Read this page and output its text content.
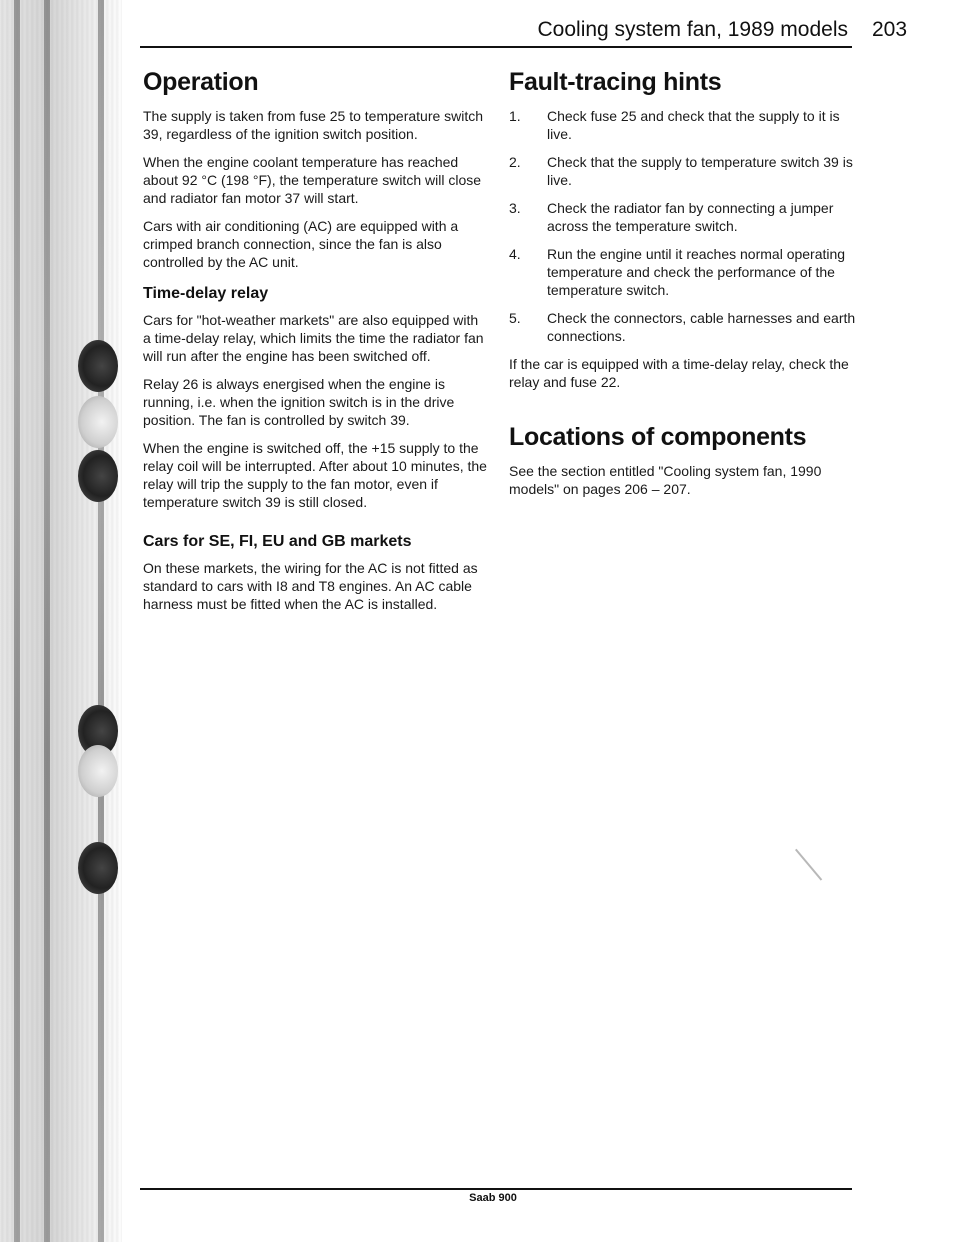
Cooling system fan, 1989 models 203
Operation

The supply is taken from fuse 25 to temperature switch 39, regardless of the ignition switch position.

When the engine coolant temperature has reached about 92 °C (198 °F), the temperature switch will close and radiator fan motor 37 will start.

Cars with air conditioning (AC) are equipped with a crimped branch connection, since the fan is also controlled by the AC unit.

Time-delay relay

Cars for "hot-weather markets" are also equipped with a time-delay relay, which limits the time the radiator fan will run after the engine has been switched off.

Relay 26 is always energised when the engine is running, i.e. when the ignition switch is in the drive position. The fan is controlled by switch 39.

When the engine is switched off, the +15 supply to the relay coil will be interrupted. After about 10 minutes, the relay will trip the supply to the fan motor, even if temperature switch 39 is still closed.

Cars for SE, FI, EU and GB markets

On these markets, the wiring for the AC is not fitted as standard to cars with I8 and T8 engines. An AC cable harness must be fitted when the AC is installed.

Fault-tracing hints
1. Check fuse 25 and check that the supply to it is live.
2. Check that the supply to temperature switch 39 is live.
3. Check the radiator fan by connecting a jumper across the temperature switch.
4. Run the engine until it reaches normal operating temperature and check the performance of the temperature switch.
5. Check the connectors, cable harnesses and earth connections.

If the car is equipped with a time-delay relay, check the relay and fuse 22.

Locations of components

See the section entitled "Cooling system fan, 1990 models" on pages 206 – 207.

Saab 900
